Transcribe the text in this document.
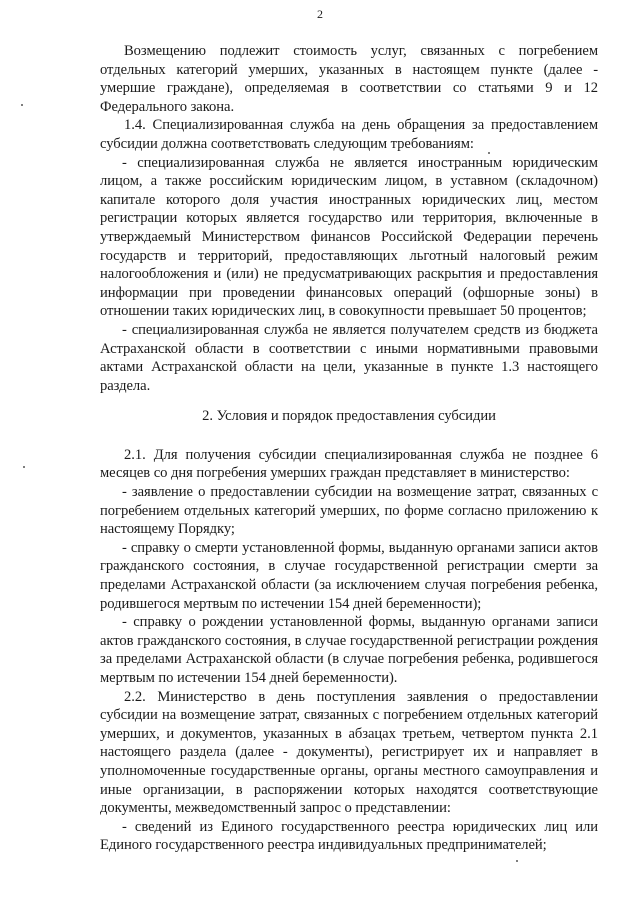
2

Возмещению подлежит стоимость услуг, связанных с погребением отдельных категорий умерших, указанных в настоящем пункте (далее - умершие граждане), определяемая в соответствии со статьями 9 и 12 Федерального закона.

1.4. Специализированная служба на день обращения за предоставлением субсидии должна соответствовать следующим требованиям:

- специализированная служба не является иностранным юридическим лицом, а также российским юридическим лицом, в уставном (складочном) капитале которого доля участия иностранных юридических лиц, местом регистрации которых является государство или территория, включенные в утверждаемый Министерством финансов Российской Федерации перечень государств и территорий, предоставляющих льготный налоговый режим налогообложения и (или) не предусматривающих раскрытия и предоставления информации при проведении финансовых операций (офшорные зоны) в отношении таких юридических лиц, в совокупности превышает 50 процентов;

- специализированная служба не является получателем средств из бюджета Астраханской области в соответствии с иными нормативными правовыми актами Астраханской области на цели, указанные в пункте 1.3 настоящего раздела.

2. Условия и порядок предоставления субсидии

2.1. Для получения субсидии специализированная служба не позднее 6 месяцев со дня погребения умерших граждан представляет в министерство:

- заявление о предоставлении субсидии на возмещение затрат, связанных с погребением отдельных категорий умерших, по форме согласно приложению к настоящему Порядку;

- справку о смерти установленной формы, выданную органами записи актов гражданского состояния, в случае государственной регистрации смерти за пределами Астраханской области (за исключением случая погребения ребенка, родившегося мертвым по истечении 154 дней беременности);

- справку о рождении установленной формы, выданную органами записи актов гражданского состояния, в случае государственной регистрации рождения за пределами Астраханской области (в случае погребения ребенка, родившегося мертвым по истечении 154 дней беременности).

2.2. Министерство в день поступления заявления о предоставлении субсидии на возмещение затрат, связанных с погребением отдельных категорий умерших, и документов, указанных в абзацах третьем, четвертом пункта 2.1 настоящего раздела (далее - документы), регистрирует их и направляет в уполномоченные государственные органы, органы местного самоуправления и иные организации, в распоряжении которых находятся соответствующие документы, межведомственный запрос о представлении:

- сведений из Единого государственного реестра юридических лиц или Единого государственного реестра индивидуальных предпринимателей;
